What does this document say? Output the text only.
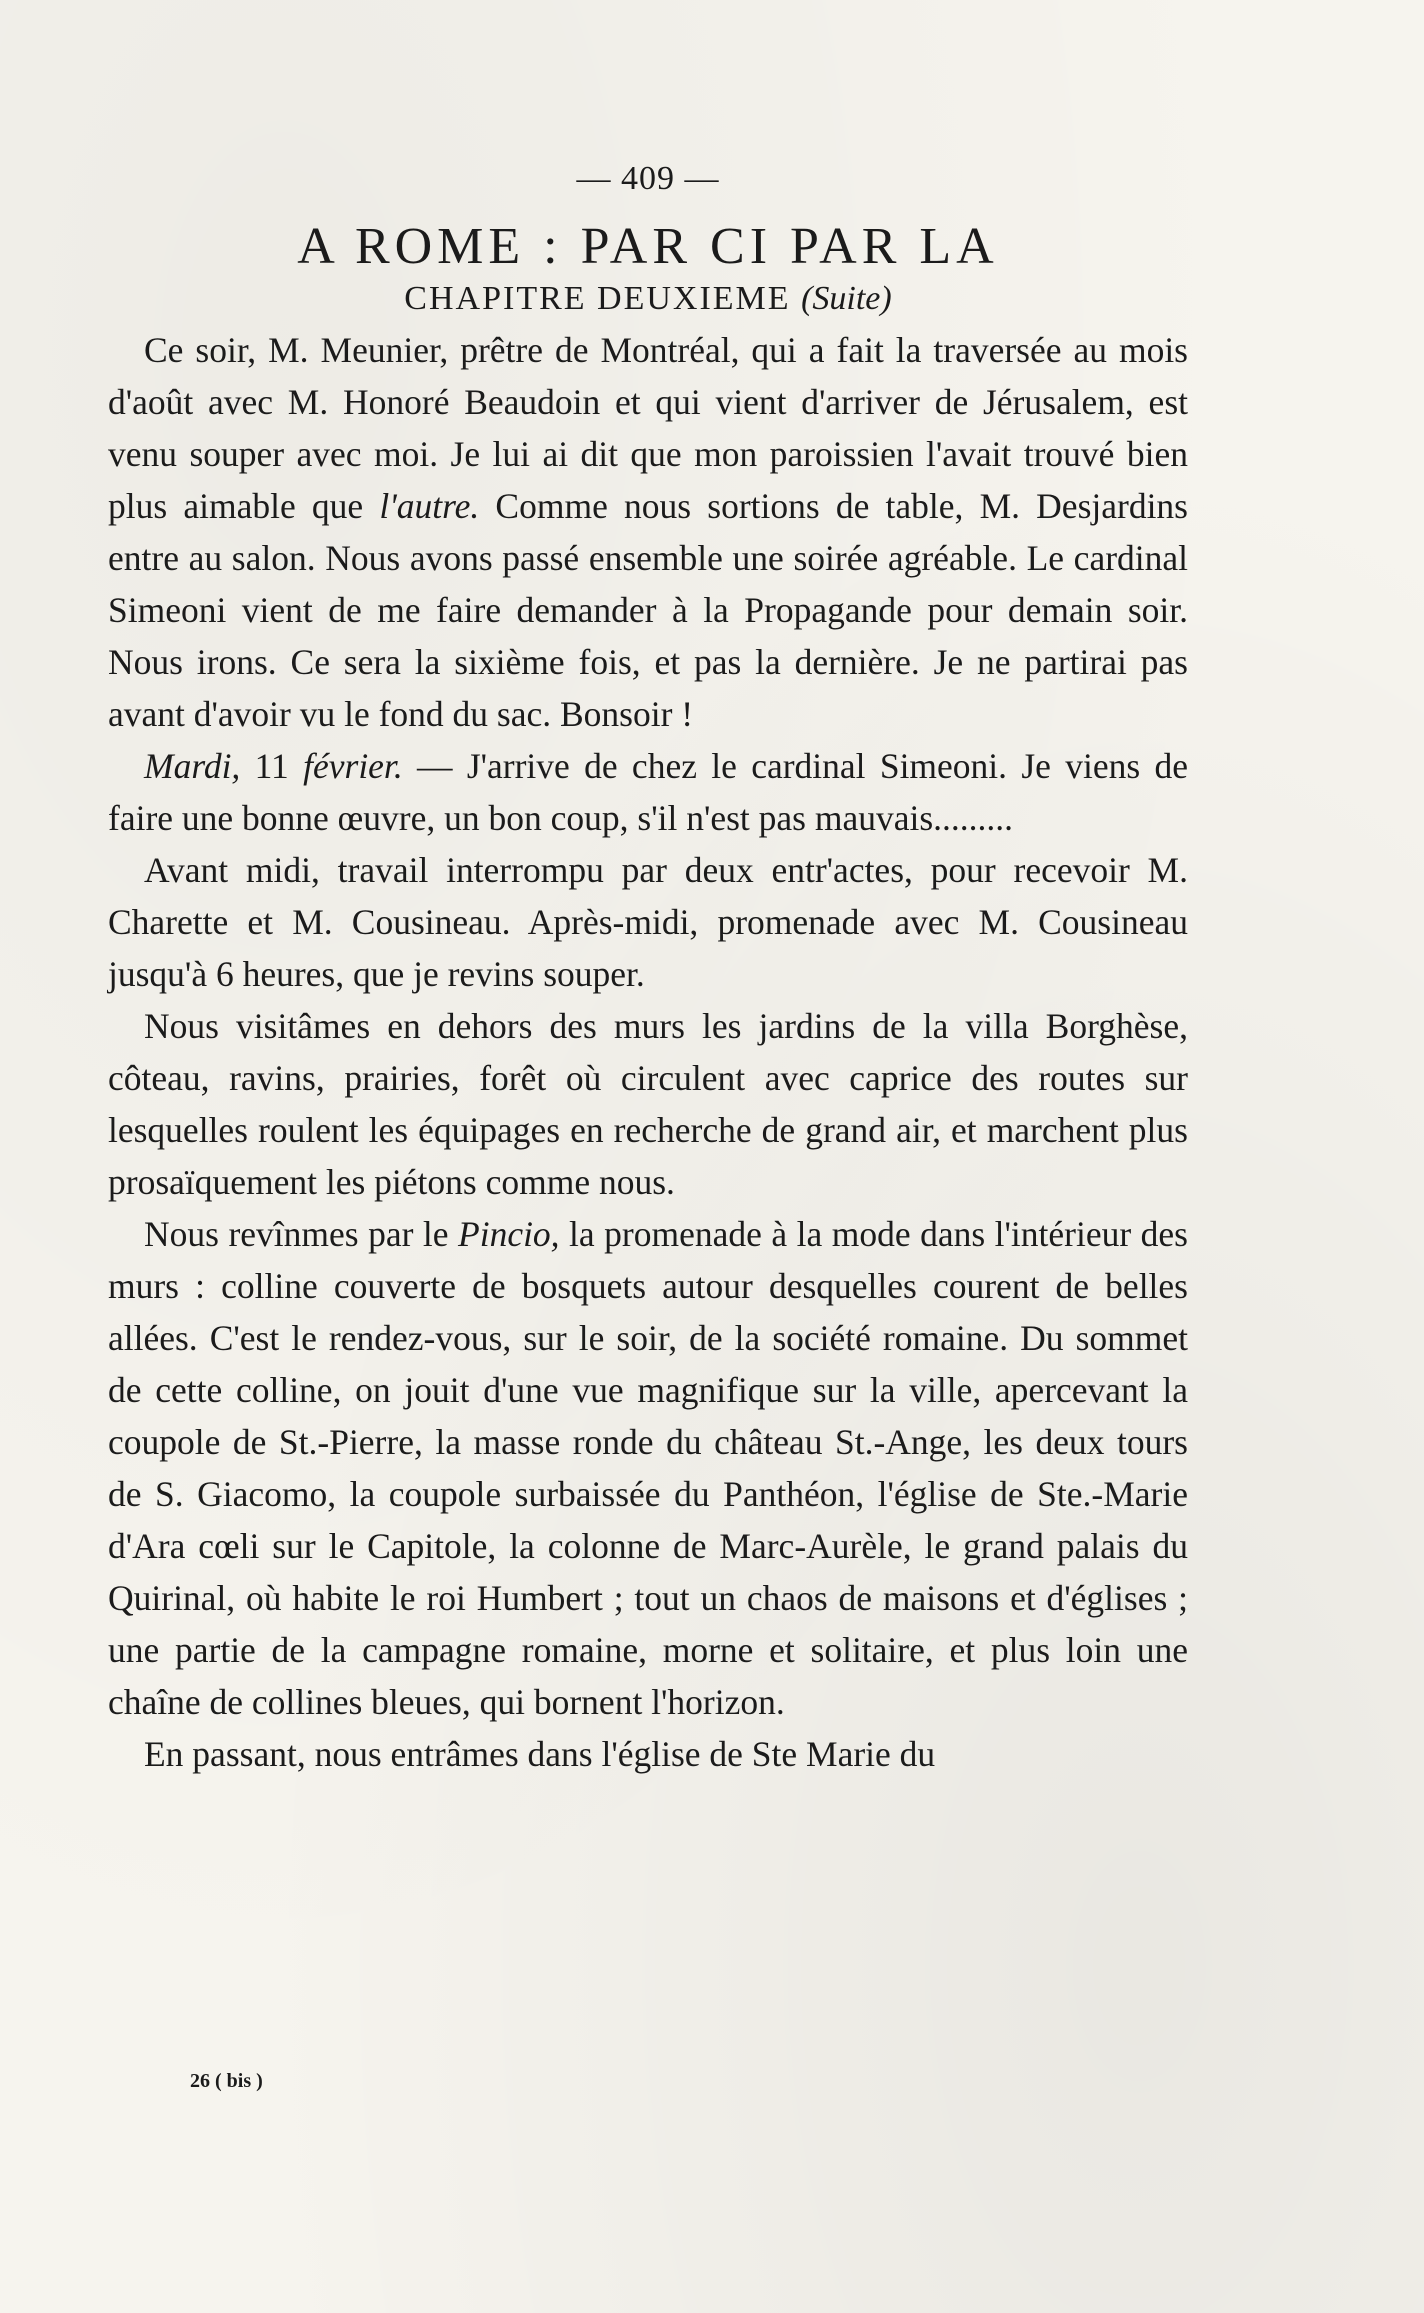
— 409 —
A ROME : PAR CI PAR LA
CHAPITRE DEUXIEME (Suite)

Ce soir, M. Meunier, prêtre de Montréal, qui a fait la traversée au mois d'août avec M. Honoré Beaudoin et qui vient d'arriver de Jérusalem, est venu souper avec moi. Je lui ai dit que mon paroissien l'avait trouvé bien plus aimable que l'autre. Comme nous sortions de table, M. Desjardins entre au salon. Nous avons passé ensemble une soirée agréable. Le cardinal Simeoni vient de me faire demander à la Propagande pour demain soir. Nous irons. Ce sera la sixième fois, et pas la dernière. Je ne partirai pas avant d'avoir vu le fond du sac. Bonsoir !

Mardi, 11 février. — J'arrive de chez le cardinal Simeoni. Je viens de faire une bonne œuvre, un bon coup, s'il n'est pas mauvais.........

Avant midi, travail interrompu par deux entr'actes, pour recevoir M. Charette et M. Cousineau. Après-midi, promenade avec M. Cousineau jusqu'à 6 heures, que je revins souper.

Nous visitâmes en dehors des murs les jardins de la villa Borghèse, côteau, ravins, prairies, forêt où circulent avec caprice des routes sur lesquelles roulent les équipages en recherche de grand air, et marchent plus prosaïquement les piétons comme nous.

Nous revînmes par le Pincio, la promenade à la mode dans l'intérieur des murs : colline couverte de bosquets autour desquelles courent de belles allées. C'est le rendez-vous, sur le soir, de la société romaine. Du sommet de cette colline, on jouit d'une vue magnifique sur la ville, apercevant la coupole de St.-Pierre, la masse ronde du château St.-Ange, les deux tours de S. Giacomo, la coupole surbaissée du Panthéon, l'église de Ste.-Marie d'Ara cœli sur le Capitole, la colonne de Marc-Aurèle, le grand palais du Quirinal, où habite le roi Humbert ; tout un chaos de maisons et d'églises ; une partie de la campagne romaine, morne et solitaire, et plus loin une chaîne de collines bleues, qui bornent l'horizon.

En passant, nous entrâmes dans l'église de Ste Marie du

26 ( bis )
